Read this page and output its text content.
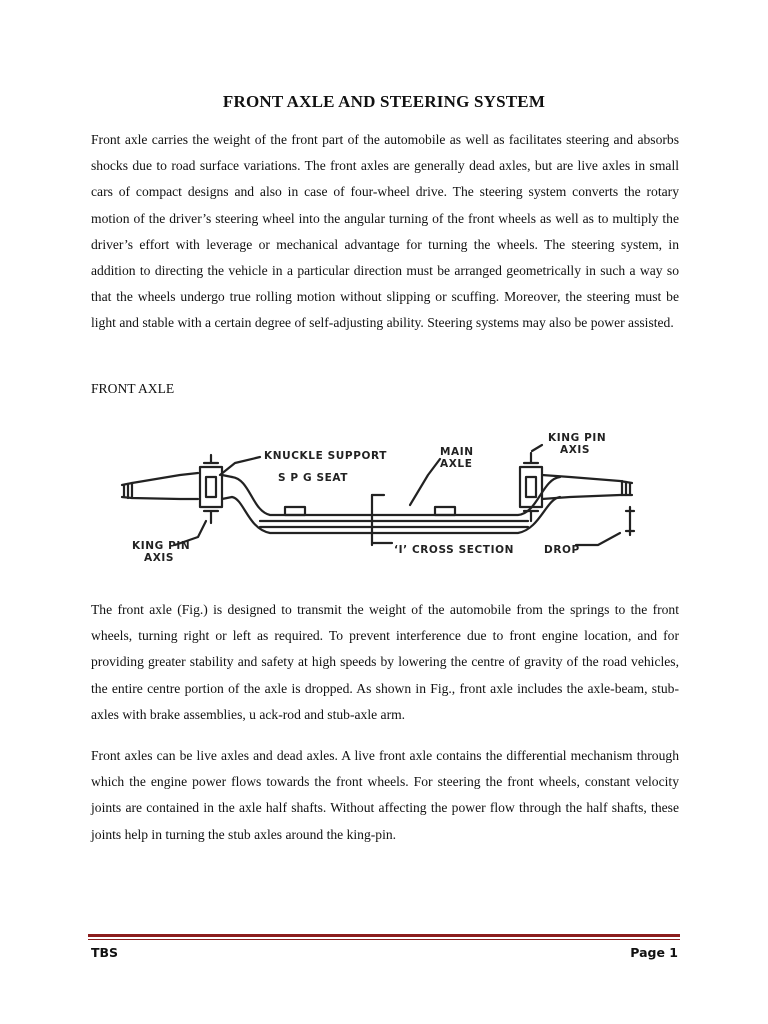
FRONT AXLE AND STEERING SYSTEM

Front axle carries the weight of the front part of the automobile as well as facilitates steering and absorbs shocks due to road surface variations. The front axles are generally dead axles, but are live axles in small cars of compact designs and also in case of four-wheel drive. The steering system converts the rotary motion of the driver’s steering wheel into the angular turning of the front wheels as well as to multiply the driver’s effort with leverage or mechanical advantage for turning the wheels. The steering system, in addition to directing the vehicle in a particular direction must be arranged geometrically in such a way so that the wheels undergo true rolling motion without slipping or scuffing. Moreover, the steering must be light and stable with a certain degree of self-adjusting ability. Steering systems may also be power assisted.

FRONT AXLE
KNUCKLE SUPPORT
S P G SEAT
MAIN
AXLE
KING PIN
AXIS
KING PIN
AXIS
‘I’ CROSS SECTION	DROP

The front axle (Fig.) is designed to transmit the weight of the automobile from the springs to the front wheels, turning right or left as required. To prevent interference due to front engine location, and for providing greater stability and safety at high speeds by lowering the centre of gravity of the road vehicles, the entire centre portion of the axle is dropped. As shown in Fig., front axle includes the axle-beam, stub-axles with brake assemblies, u ack-rod and stub-axle arm.

Front axles can be live axles and dead axles. A live front axle contains the differential mechanism through which the engine power flows towards the front wheels. For steering the front wheels, constant velocity joints are contained in the axle half shafts. Without affecting the power flow through the half shafts, these joints help in turning the stub axles around the king-pin.

TBS	Page 1
